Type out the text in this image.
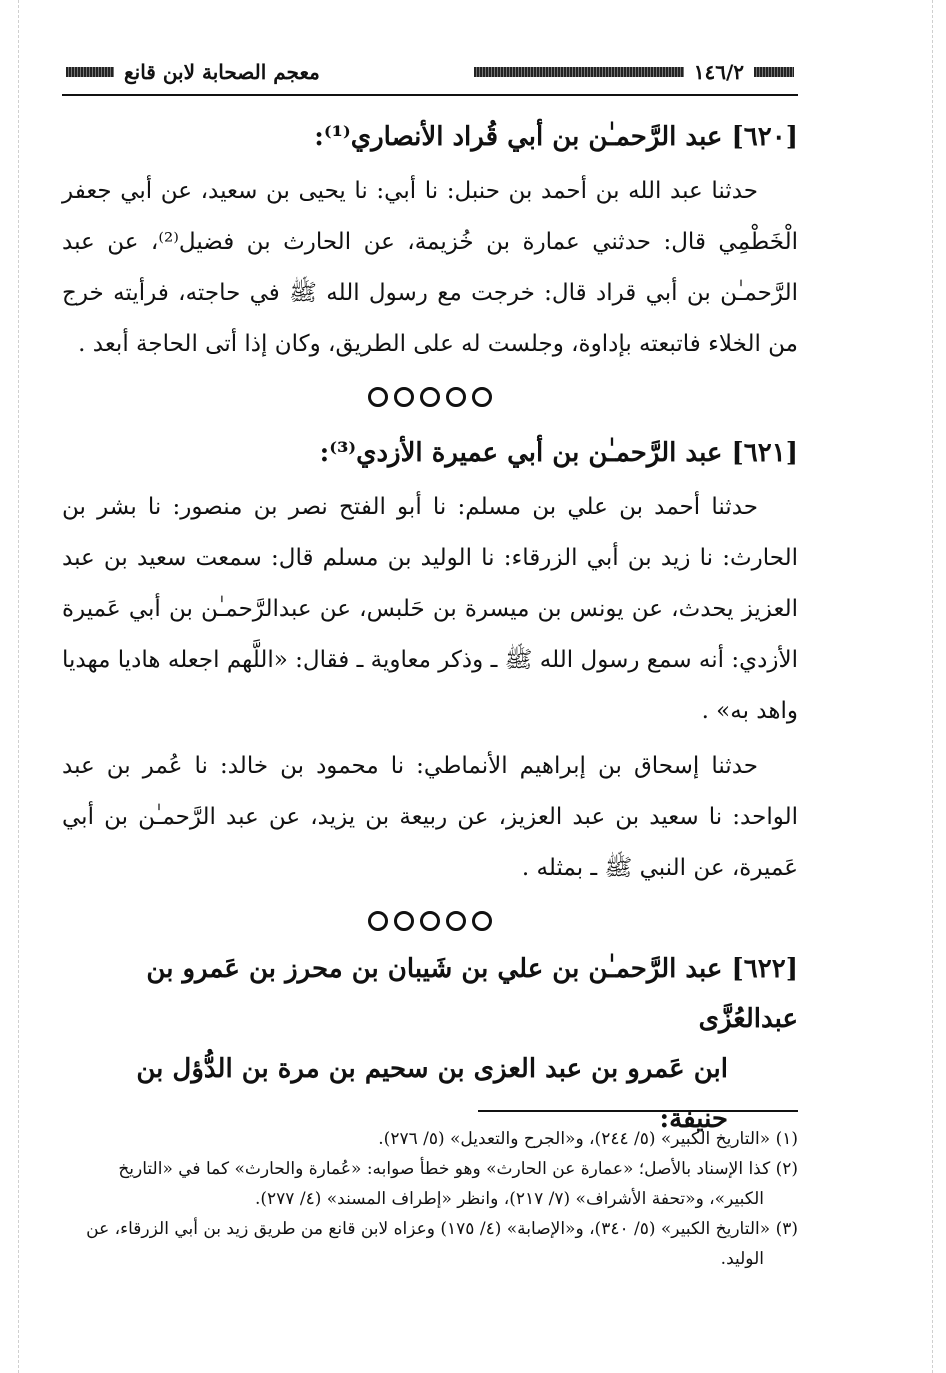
١٤٦/٢
معجم الصحابة لابن قانع
[٦٢٠] عبد الرَّحمـٰن بن أبي قُراد الأنصاري⁽¹⁾:

حدثنا عبد الله بن أحمد بن حنبل: نا أبي: نا يحيى بن سعيد، عن أبي جعفر الْخَطْمِي قال: حدثني عمارة بن خُزيمة، عن الحارث بن فضيل⁽²⁾، عن عبد الرَّحمـٰن بن أبي قراد قال: خرجت مع رسول الله ﷺ في حاجته، فرأيته خرج من الخلاء فاتبعته بإداوة، وجلست له على الطريق، وكان إذا أتى الحاجة أبعد .

[٦٢١] عبد الرَّحمـٰن بن أبي عميرة الأزدي⁽³⁾:

حدثنا أحمد بن علي بن مسلم: نا أبو الفتح نصر بن منصور: نا بشر بن الحارث: نا زيد بن أبي الزرقاء: نا الوليد بن مسلم قال: سمعت سعيد بن عبد العزيز يحدث، عن يونس بن ميسرة بن حَلبس، عن عبدالرَّحمـٰن بن أبي عَميرة الأزدي: أنه سمع رسول الله ﷺ ـ وذكر معاوية ـ فقال: «اللَّهم اجعله هاديا مهديا واهد به» .

حدثنا إسحاق بن إبراهيم الأنماطي: نا محمود بن خالد: نا عُمر بن عبد الواحد: نا سعيد بن عبد العزيز، عن ربيعة بن يزيد، عن عبد الرَّحمـٰن بن أبي عَميرة، عن النبي ﷺ ـ بمثله .

[٦٢٢] عبد الرَّحمـٰن بن علي بن شَيبان بن محرز بن عَمرو بن عبدالعُزَّى
ابن عَمرو بن عبد العزى بن سحيم بن مرة بن الدُّؤل بن حنيفة:
(١) «التاريخ الكبير» (٥/ ٢٤٤)، و«الجرح والتعديل» (٥/ ٢٧٦).
(٢) كذا الإسناد بالأصل؛ «عمارة عن الحارث» وهو خطأ صوابه: «عُمارة والحارث» كما في «التاريخ الكبير»، و«تحفة الأشراف» (٧/ ٢١٧)، وانظر «إطراف المسند» (٤/ ٢٧٧).
(٣) «التاريخ الكبير» (٥/ ٣٤٠)، و«الإصابة» (٤/ ١٧٥) وعزاه لابن قانع من طريق زيد بن أبي الزرقاء، عن الوليد.
